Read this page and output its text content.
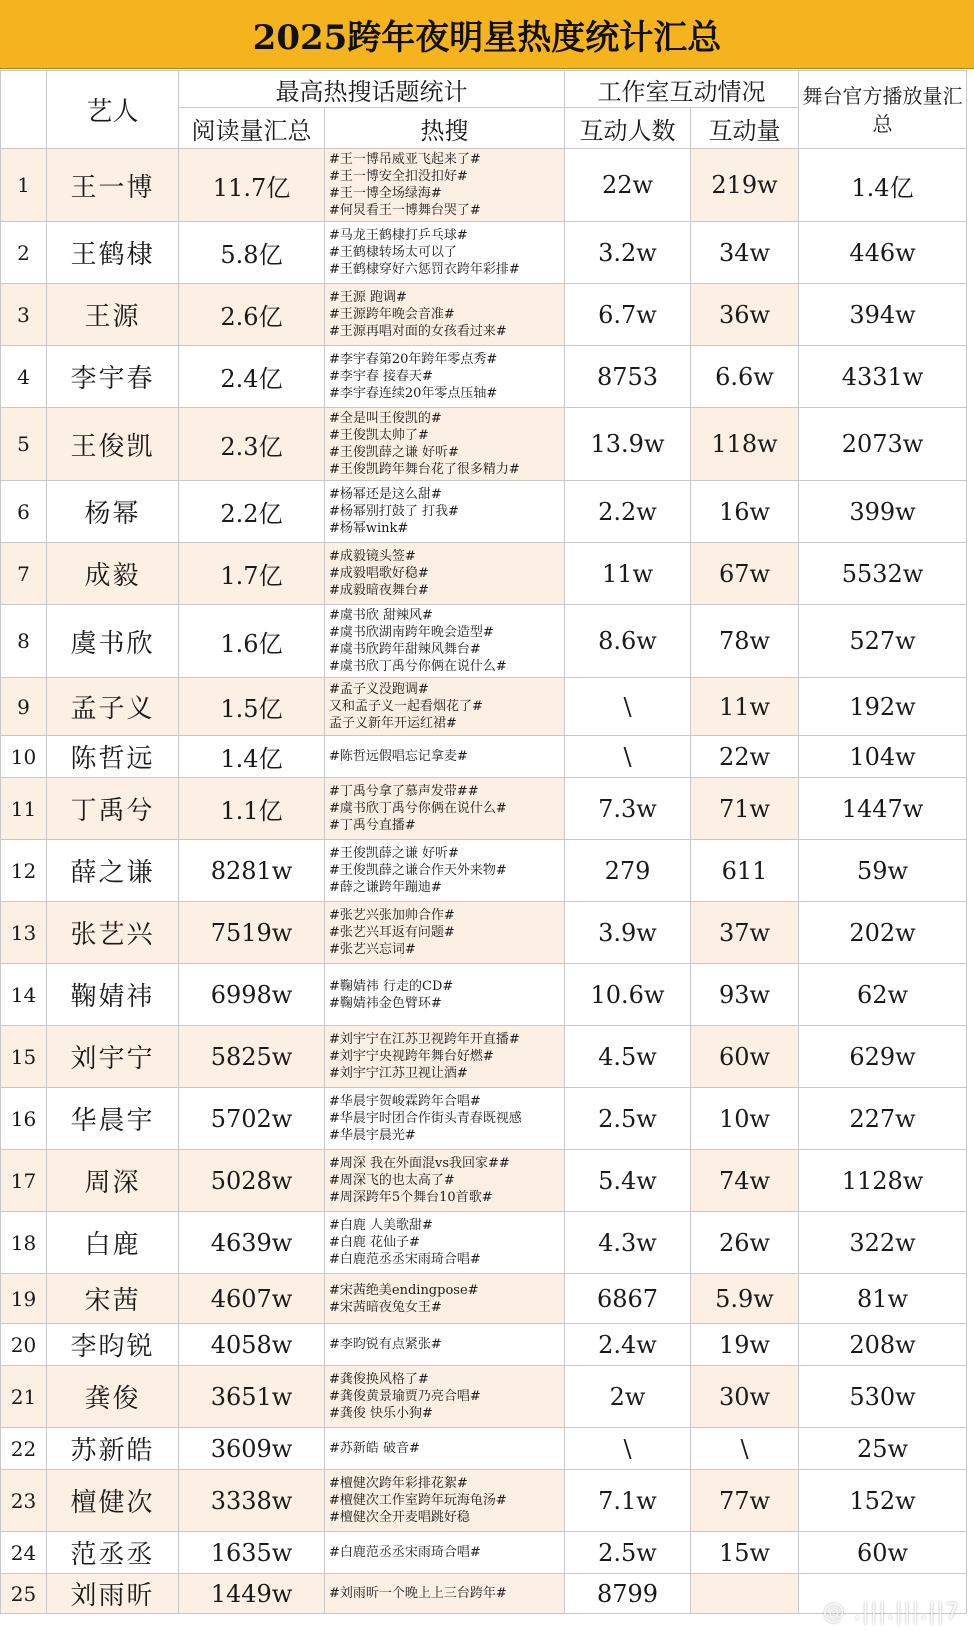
2025跨年夜明星热度统计汇总
	艺人	最高热搜话题统计		工作室互动情况		舞台官方播放量汇总
		阅读量汇总	热搜	互动人数	互动量	
1	王一博	11.7亿	#王一博吊威亚飞起来了#
#王一博安全扣没扣好#
#王一博全场绿海#
#何炅看王一博舞台哭了#	22w	219w	1.4亿
2	王鹤棣	5.8亿	#马龙王鹤棣打乒乓球#
#王鹤棣转场太可以了
#王鹤棣穿好六惩罚衣跨年彩排#	3.2w	34w	446w
3	王源	2.6亿	#王源 跑调#
#王源跨年晚会音准#
#王源再唱对面的女孩看过来#	6.7w	36w	394w
4	李宇春	2.4亿	#李宇春第20年跨年零点秀#
#李宇春 接春天#
#李宇春连续20年零点压轴#	8753	6.6w	4331w
5	王俊凯	2.3亿	#全是叫王俊凯的#
#王俊凯太帅了#
#王俊凯薛之谦 好听#
#王俊凯跨年舞台花了很多精力#	13.9w	118w	2073w
6	杨幂	2.2亿	#杨幂还是这么甜#
#杨幂别打鼓了 打我#
#杨幂wink#	2.2w	16w	399w
7	成毅	1.7亿	#成毅镜头签#
#成毅唱歌好稳#
#成毅暗夜舞台#	11w	67w	5532w
8	虞书欣	1.6亿	#虞书欣 甜辣风#
#虞书欣湖南跨年晚会造型#
#虞书欣跨年甜辣风舞台#
#虞书欣丁禹兮你俩在说什么#	8.6w	78w	527w
9	孟子义	1.5亿	#孟子义没跑调#
又和孟子义一起看烟花了#
孟子义新年开运红裙#	\	11w	192w
10	陈哲远	1.4亿	#陈哲远假唱忘记拿麦#	\	22w	104w
11	丁禹兮	1.1亿	#丁禹兮拿了慕声发带##
#虞书欣丁禹兮你俩在说什么#
#丁禹兮直播#	7.3w	71w	1447w
12	薛之谦	8281w	#王俊凯薛之谦 好听#
#王俊凯薛之谦合作天外来物#
#薛之谦跨年蹦迪#	279	611	59w
13	张艺兴	7519w	#张艺兴张加帅合作#
#张艺兴耳返有问题#
#张艺兴忘词#	3.9w	37w	202w
14	鞠婧祎	6998w	#鞠婧祎 行走的CD#
#鞠婧祎金色臂环#	10.6w	93w	62w
15	刘宇宁	5825w	#刘宇宁在江苏卫视跨年开直播#
#刘宇宁央视跨年舞台好燃#
#刘宇宁江苏卫视让酒#	4.5w	60w	629w
16	华晨宇	5702w	#华晨宇贺峻霖跨年合唱#
#华晨宇时团合作街头青春既视感
#华晨宇晨光#	2.5w	10w	227w
17	周深	5028w	#周深 我在外面混vs我回家##
#周深飞的也太高了#
#周深跨年5个舞台10首歌#	5.4w	74w	1128w
18	白鹿	4639w	#白鹿 人美歌甜#
#白鹿 花仙子#
#白鹿范丞丞宋雨琦合唱#	4.3w	26w	322w
19	宋茜	4607w	#宋茜绝美endingpose#
#宋茜暗夜兔女王#	6867	5.9w	81w
20	李昀锐	4058w	#李昀锐有点紧张#	2.4w	19w	208w
21	龚俊	3651w	#龚俊换风格了#
#龚俊黄景瑜贾乃亮合唱#
#龚俊 快乐小狗#	2w	30w	530w
22	苏新皓	3609w	#苏新皓 破音#	\	\	25w
23	檀健次	3338w	#檀健次跨年彩排花絮#
#檀健次工作室跨年玩海龟汤#
#檀健次全开麦唱跳好稳	7.1w	77w	152w
24	范丞丞	1635w	#白鹿范丞丞宋雨琦合唱#	2.5w	15w	60w
25	刘雨昕	1449w	#刘雨昕一个晚上上三台跨年#	8799		
@ .|||.|||.||7
